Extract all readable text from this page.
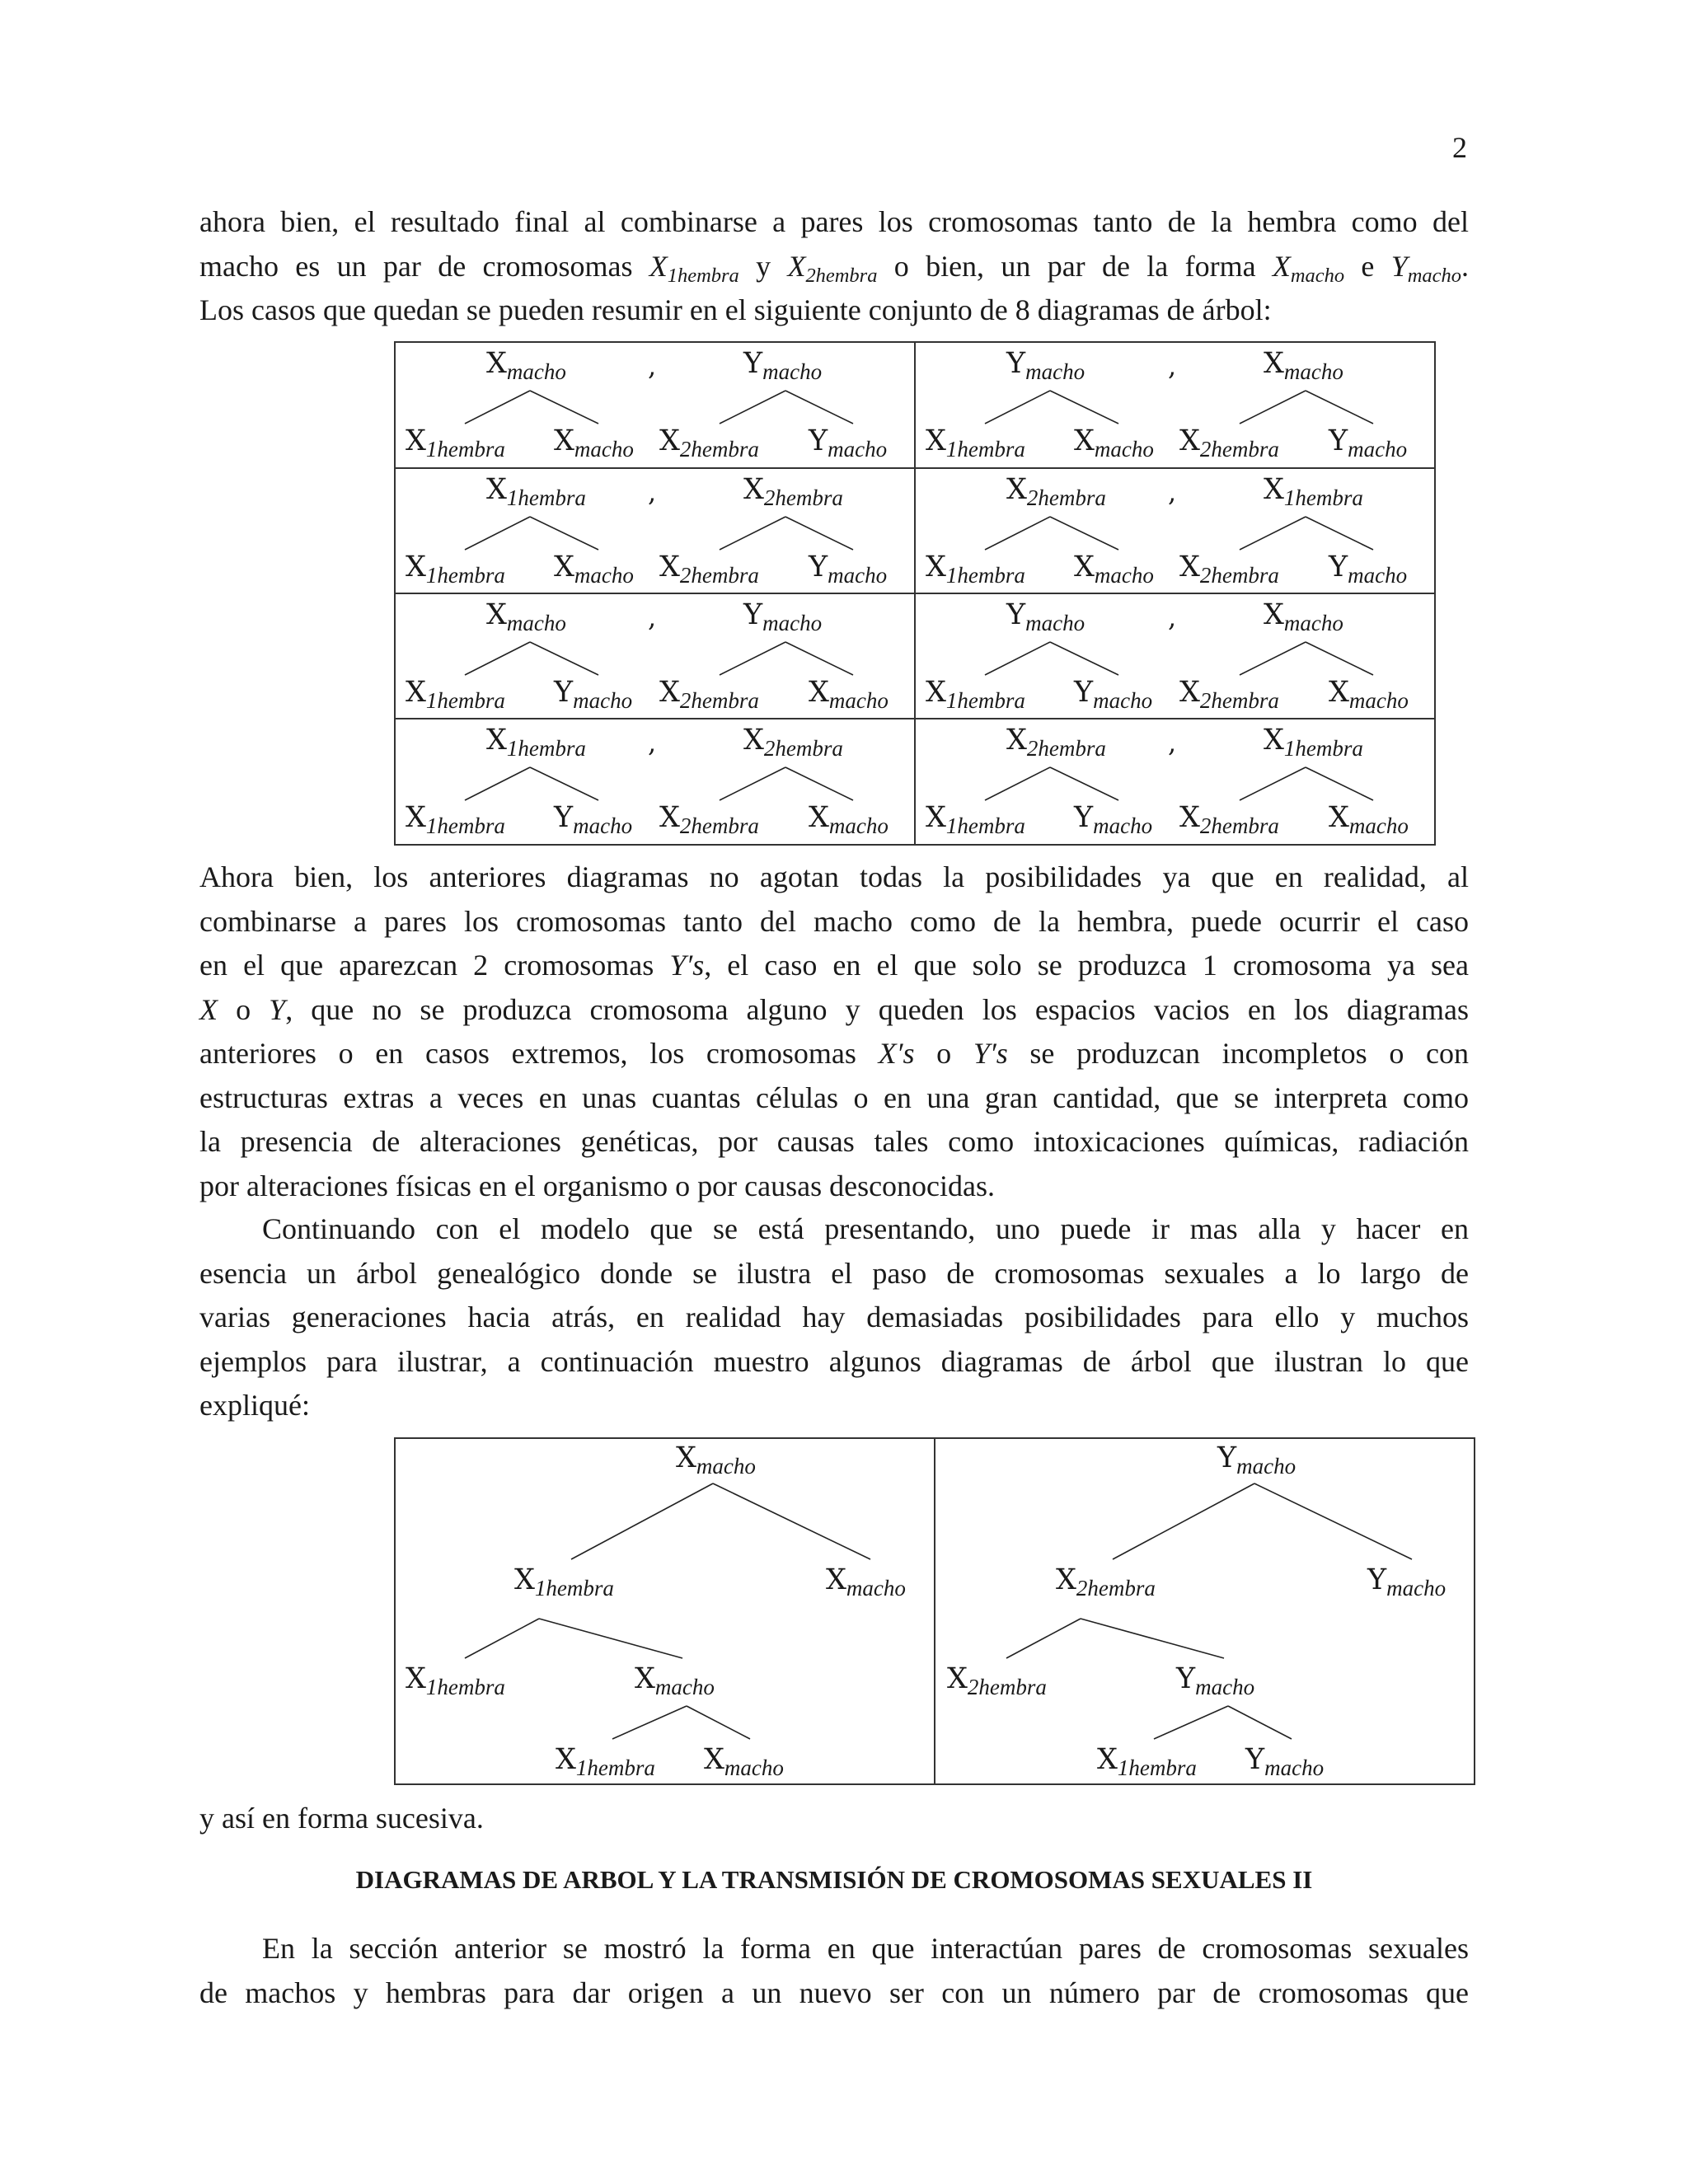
2
ahora bien, el resultado final al combinarse a pares los cromosomas tanto de la hembra como del
macho es un par de cromosomas $X_{1hembra}$ y $X_{2hembra}$ o bien, un par de la forma $X_{macho}$ e $Y_{macho}$.
Los casos que quedan se pueden resumir en el siguiente conjunto de 8 diagramas de árbol:
$X_{macho}$	,	$Y_{macho}$
$X_{1hembra}$ $X_{macho}$ $X_{2hembra}$ $Y_{macho}$
$Y_{macho}$	,	$X_{macho}$
$X_{1hembra}$ $X_{macho}$ $X_{2hembra}$ $Y_{macho}$
$X_{1hembra}$ ,	$X_{2hembra}$
$X_{1hembra}$ $X_{macho}$ $X_{2hembra}$ $Y_{macho}$
$X_{2hembra}$ ,	$X_{1hembra}$
$X_{1hembra}$ $X_{macho}$ $X_{2hembra}$ $Y_{macho}$
$X_{macho}$	,	$Y_{macho}$
$X_{1hembra}$ $Y_{macho}$ $X_{2hembra}$ $X_{macho}$
$Y_{macho}$	,	$X_{macho}$
$X_{1hembra}$ $Y_{macho}$ $X_{2hembra}$ $X_{macho}$
$X_{1hembra}$ ,	$X_{2hembra}$
$X_{1hembra}$ $Y_{macho}$ $X_{2hembra}$ $X_{macho}$
$X_{2hembra}$ ,	$X_{1hembra}$
$X_{1hembra}$ $Y_{macho}$ $X_{2hembra}$ $X_{macho}$
Ahora bien, los anteriores diagramas no agotan todas la posibilidades ya que en realidad, al
combinarse a pares los cromosomas tanto del macho como de la hembra, puede ocurrir el caso
en el que aparezcan 2 cromosomas Y′s, el caso en el que solo se produzca 1 cromosoma ya sea
X o Y, que no se produzca cromosoma alguno y queden los espacios vacios en los diagramas
anteriores o en casos extremos, los cromosomas X′s o Y′s se produzcan incompletos o con
estructuras extras a veces en unas cuantas células o en una gran cantidad, que se interpreta como
la presencia de alteraciones genéticas, por causas tales como intoxicaciones químicas, radiación
por alteraciones físicas en el organismo o por causas desconocidas.
Continuando con el modelo que se está presentando, uno puede ir mas alla y hacer en
esencia un árbol genealógico donde se ilustra el paso de cromosomas sexuales a lo largo de
varias generaciones hacia atrás, en realidad hay demasiadas posibilidades para ello y muchos
ejemplos para ilustrar, a continuación muestro algunos diagramas de árbol que ilustran lo que
expliqué:
$X_{macho}$
$X_{1hembra}$	$X_{macho}$
$X_{1hembra}$	$X_{macho}$
$X_{1hembra}$ $X_{macho}$
$Y_{macho}$
$X_{2hembra}$	$Y_{macho}$
$X_{2hembra}$	$Y_{macho}$
$X_{1hembra}$ $Y_{macho}$
y así en forma sucesiva.
DIAGRAMAS DE ARBOL Y LA TRANSMISIÓN DE CROMOSOMAS SEXUALES II
En la sección anterior se mostró la forma en que interactúan pares de cromosomas sexuales
de machos y hembras para dar origen a un nuevo ser con un número par de cromosomas que
